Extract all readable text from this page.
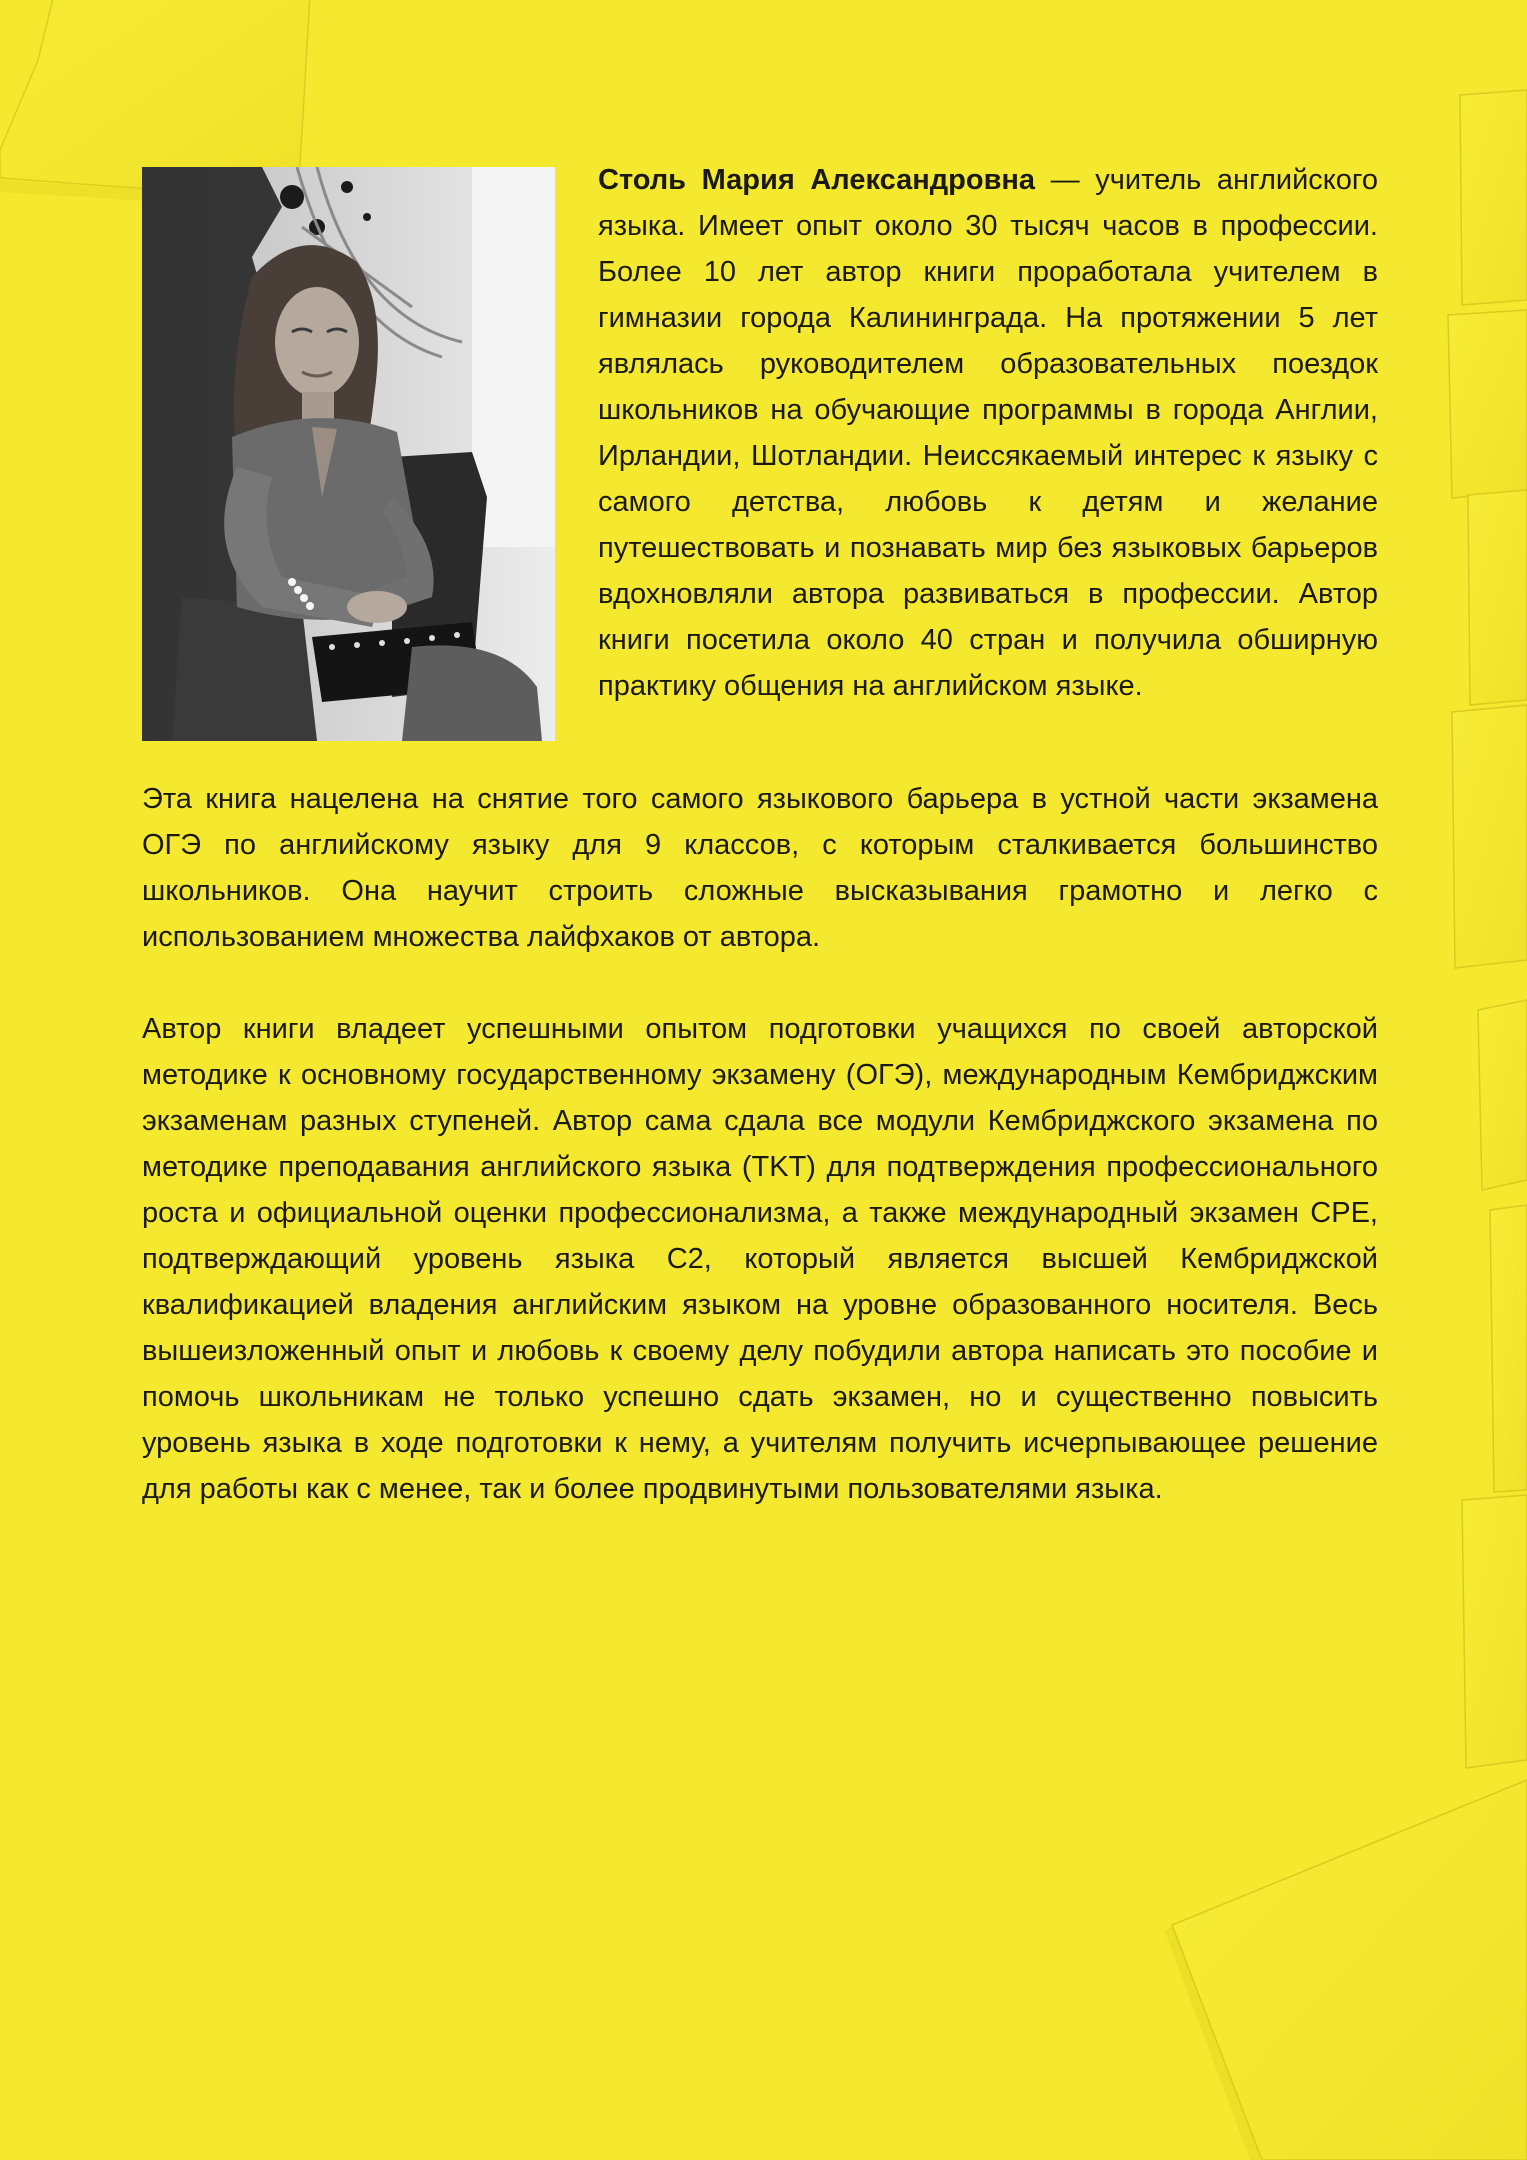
Столь Мария Александровна — учитель английского языка. Имеет опыт около 30 тысяч часов в профессии. Более 10 лет автор книги проработала учителем в гимназии города Калининграда. На протяжении 5 лет являлась руководителем образовательных поездок школьников на обучающие программы в города Англии, Ирландии, Шотландии. Неиссякаемый интерес к языку с самого детства, любовь к детям и желание путешествовать и познавать мир без языковых барьеров вдохновляли автора развиваться в профессии. Автор книги посетила около 40 стран и получила обширную практику общения на английском языке.

Эта книга нацелена на снятие того самого языкового барьера в устной части экзамена ОГЭ по английскому языку для 9 классов, с которым сталкивается большинство школьников. Она научит строить сложные высказывания грамотно и легко с использованием множества лайфхаков от автора.

Автор книги владеет успешными опытом подготовки учащихся по своей авторской методике к основному государственному экзамену (ОГЭ), международным Кембриджским экзаменам разных ступеней. Автор сама сдала все модули Кембриджского экзамена по методике преподавания английского языка (TKT) для подтверждения профессионального роста и официальной оценки профессионализма, а также международный экзамен CPE, подтверждающий уровень языка C2, который является высшей Кембриджской квалификацией владения английским языком на уровне образованного носителя. Весь вышеизложенный опыт и любовь к своему делу побудили автора написать это пособие и помочь школьникам не только успешно сдать экзамен, но и существенно повысить уровень языка в ходе подготовки к нему, а учителям получить исчерпывающее решение для работы как с менее, так и более продвинутыми пользователями языка.
